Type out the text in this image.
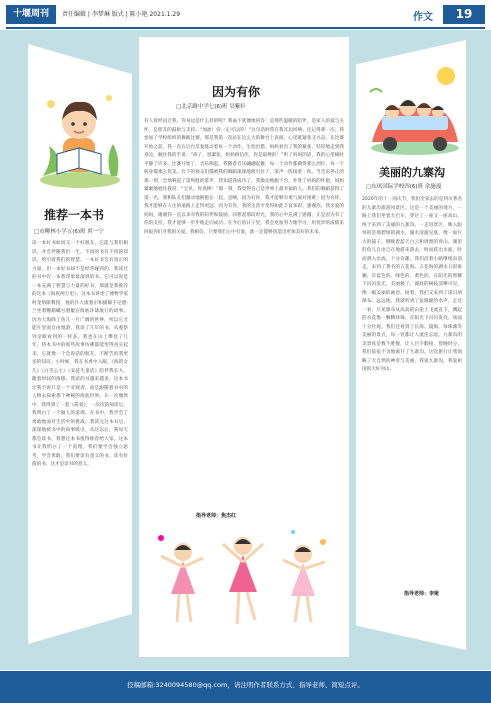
十堰周刊	责任编辑 | 李梦琳 版式 | 陈小艳 2021.1.29	作文	19
推荐一本书
□市柳林小学五(6)班 庹一宁
读一本好书如同交一个好朋友，它能与我们相识，并会伴随我们一生。不同的书有不同的知识，给引着我们的智慧。一本好书会有真正的力量，但一本好书却不是经常碰到的。我读过的书中有一本我印象最深刻的书，它可以说是一本充满了智慧与力量的好书，那就是我推荐的这本《海底两万里》。这本书讲述了博物学家阿龙纳斯教授、他的仆人康塞尔和捕鲸手尼德·兰坐着鹦鹉螺号潜艇在海底环球航行的故事。因为大海除了鱼儿一片广阔的世界，所以它才能在里面自由遨游，我读了几年的书，从观察到亲眼看到的一样多。我也在山上攀登了几年，将本书中的那些故事仿佛都能变得真实起来，它就像一个会说话的朋友，不断告诉我更多的知识。小时候，我在书香中入眠，《海的女儿》《白雪公主》《安徒生童话》陪伴我长大。随着时间的推移，我读的书越来越多，这本书让我不再只是一个旁观者，而是跟随着书中的人物去探索那个神秘的海底世界。在一次偶然中，我得到了一套《简爱》，一次次的阅读后，我明白了一个做人的道理。在书中，我学会了勇敢地面对生活中的挑战。我读完这本书后，深深地被书中的故事吸引，从这以后，我每天都会读书，我想这本书值得推荐给大家。这本书让我明白了一个道理，我们要学会独立思考，学会勇敢。我们要读有意义的书，读有价值的书，这才是读书的意义。
因为有你
□北京路中学七(6)班 吴紫轩
有人曾经问过我，你身边是什么样的呢？我毫不犹豫地回答：是那些温暖的陪伴，是家人的爱与关怀，是朋友的鼓励与支持。“加油！你一定可以的！”这句话时常在我耳边回响。还记得那一次，我参加了学校组织的舞蹈比赛，那是我第一次站在这么大的舞台上表演，心里既紧张又兴奋。在比赛开始之前，我一直在后台反复练习着每一个动作，生怕出错。妈妈看出了我的紧张，轻轻地走到我身边，握住我的手说：“孩子，别紧张，妈妈相信你，你是最棒的！”听了妈妈的话，我的心里顿时平静了许多。比赛开始了，音乐响起，我随着音乐翩翩起舞，每一个动作都做得那么到位，每一个转身都那么优美。台下的观众们都被我的舞蹈深深地吸引住了，掌声一阵接着一阵。当音乐停止的那一刻，全场响起了雷鸣般的掌声，我知道我成功了。我激动地跑下台，扑进了妈妈的怀抱，妈妈紧紧地抱住我说：“宝贝，你真棒！”那一刻，我觉得自己是世界上最幸福的人。我们的舞蹈获得了第一名，我和队友们激动地拥抱在一起。是啊，因为有你，我才能够有勇气面对困难；因为有你，我才能够在人生的道路上走得更远；因为有你，我的生活才变得如此丰富多彩。感谢你，我亲爱的妈妈，谢谢你一直以来对我的陪伴和鼓励。回想起那段时光，我的心中充满了感激。正是因为有了你的支持，我才能够一步步地走向成功。在今后的日子里，我会更加努力地学习，用优异的成绩来回报你们对我的关爱。我相信，只要我们心中有爱，就一定能够创造出更加美好的未来。
指导老师：焦杰红
美丽的九寨沟
□东风国际学校四(6)班 余施漫
2020年的十一国庆节，我们全家去的是四川著名的九寨沟旅游风景区。这是一个美丽的地方，一路上我们坐着大巴车，穿过了一座又一座高山，终于来到了美丽的九寨沟。一走进景区，映入眼帘的是那碧绿的湖水，湖水清澈见底，像一面巨大的镜子，倒映着蓝天白云和周围的青山。湖里的鱼儿自由自在地游来游去，时而跃出水面，时而潜入水底，十分有趣。我们沿着小路继续向前走，来到了著名的五花海。五花海的湖水五彩斑斓，有蓝色的、绿色的、黄色的，在阳光的照耀下闪闪发光，美丽极了。湖底的树枝清晰可见，像一幅美丽的画卷。接着，我们又来到了诺日朗瀑布。远远地，我就听到了轰隆隆的水声，走近一看，只见瀑布从高高的山崖上飞流直下，溅起的水花像一颗颗珍珠，在阳光下闪闪发亮，场面十分壮观。我们还看到了长海、镜海、珍珠滩等美丽的景点，每一处都让人流连忘返。九寨沟的美景真是数不胜数，让人目不暇接。傍晚时分，我们依依不舍地离开了九寨沟。这次旅行让我领略了大自然的神奇与美丽，我爱九寨沟，我爱祖国的大好河山。
指导老师：李娅
投稿邮箱:3240094580@qq.com，请注明作者联系方式、指导老师、简短点评。
